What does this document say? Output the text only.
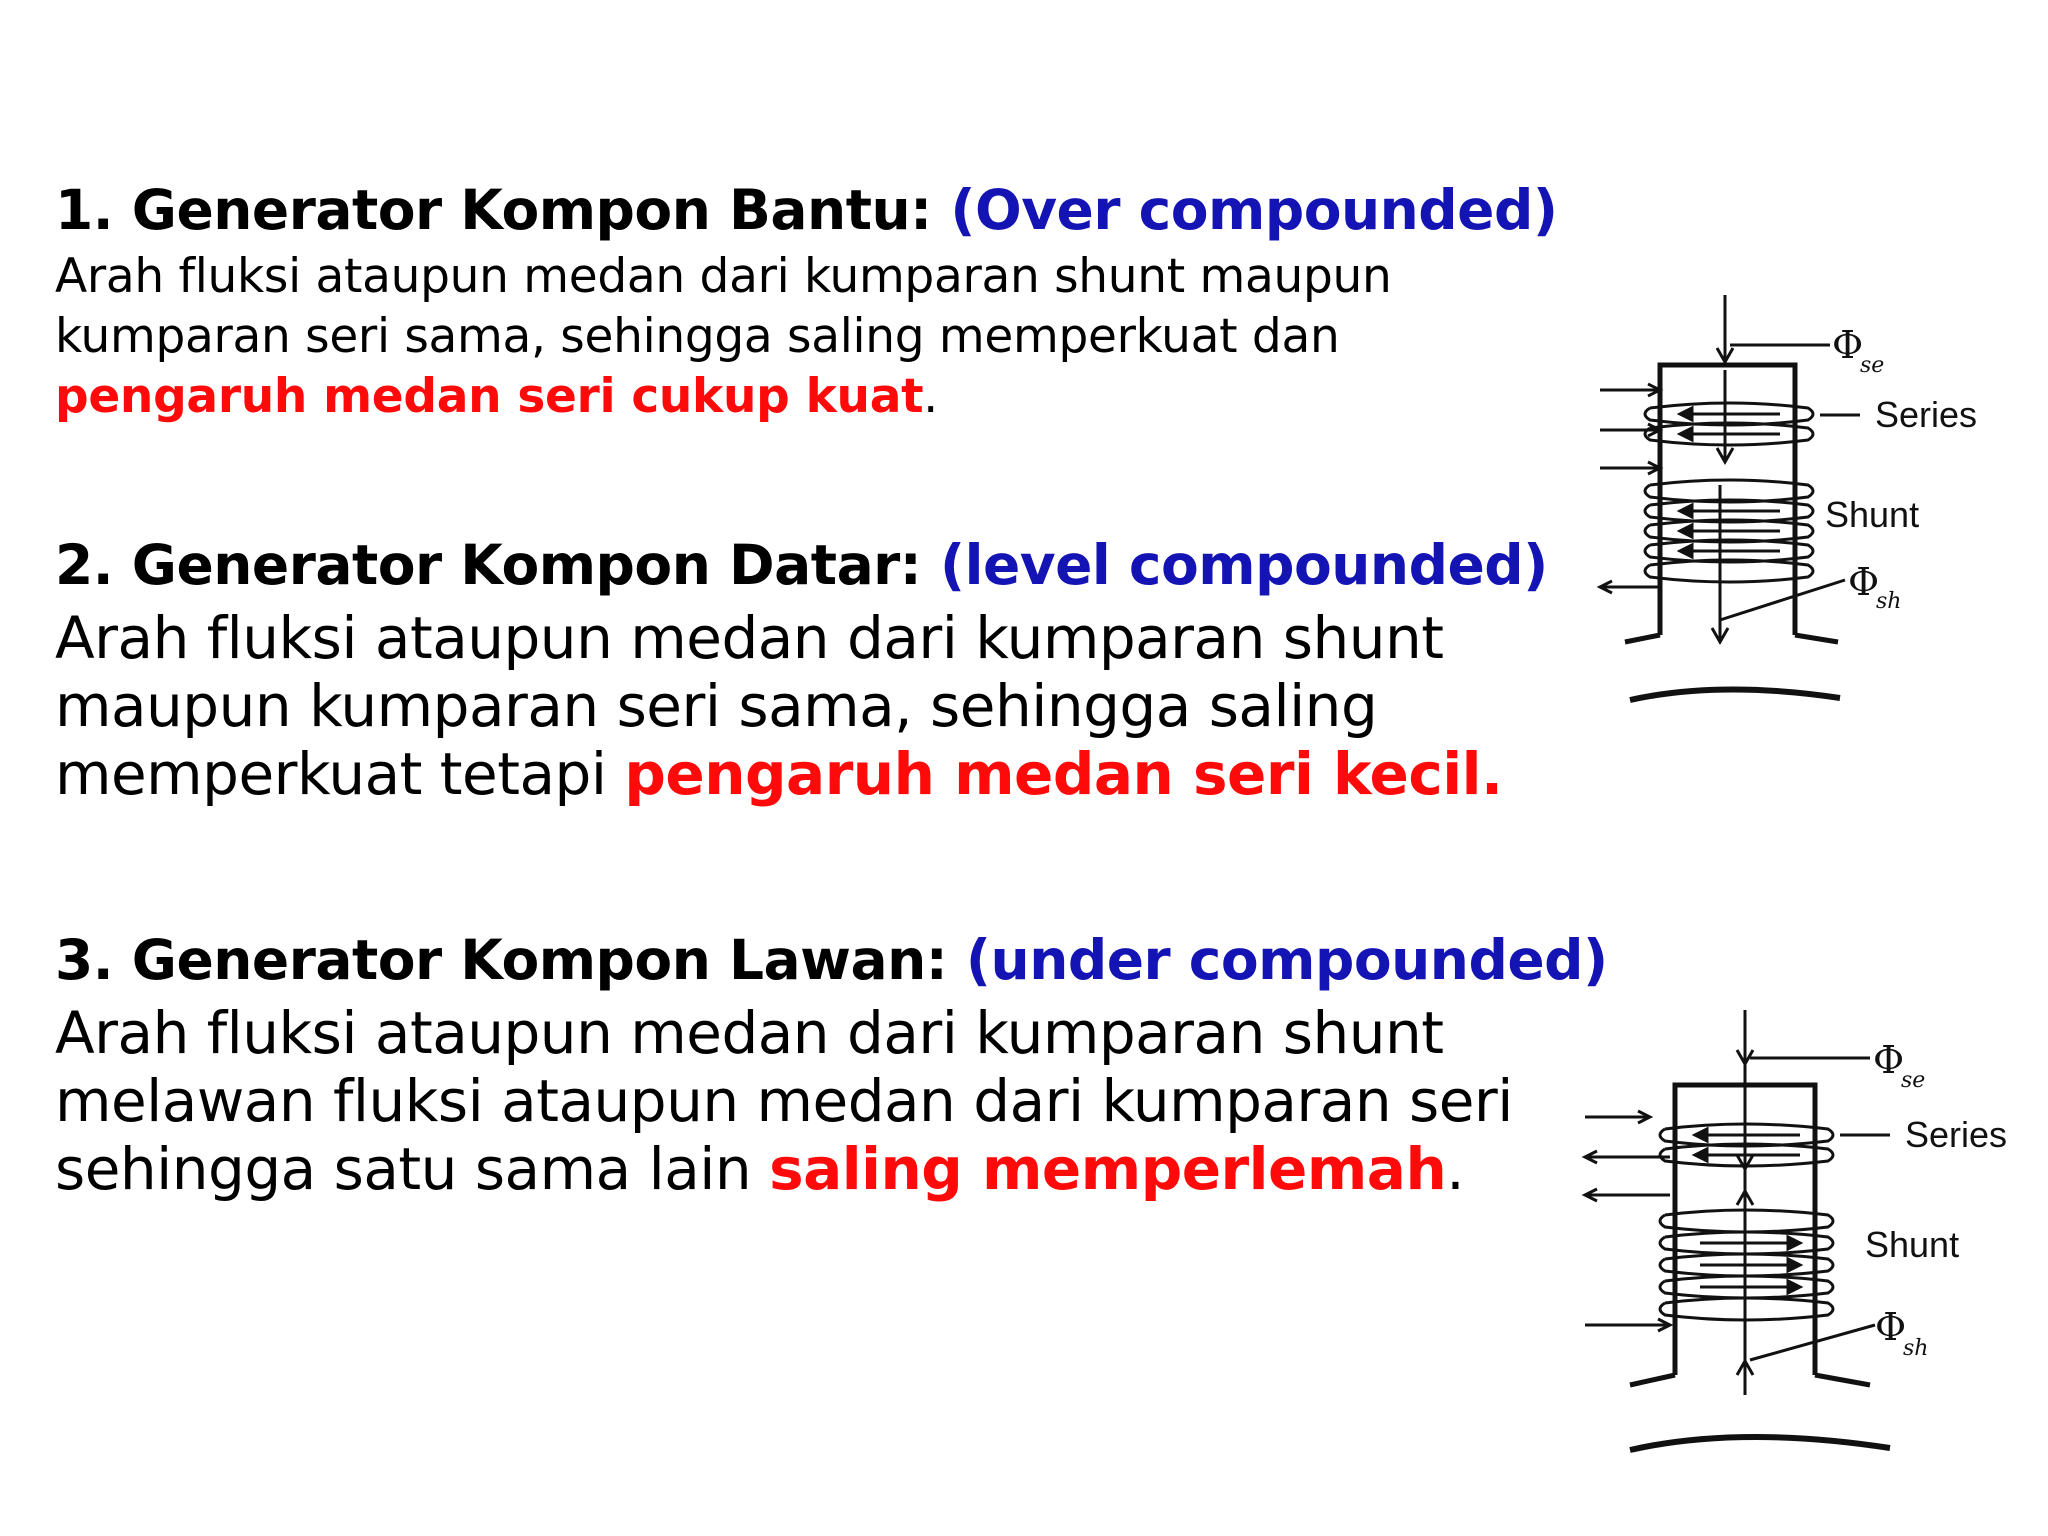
1. Generator Kompon Bantu: (Over compounded)
Arah fluksi ataupun medan dari kumparan shunt maupun
kumparan seri sama, sehingga saling memperkuat dan
pengaruh medan seri cukup kuat.
2. Generator Kompon Datar: (level compounded)
Arah fluksi ataupun medan dari kumparan shunt
maupun kumparan seri sama, sehingga saling
memperkuat tetapi pengaruh medan seri kecil.
3. Generator Kompon Lawan: (under compounded)
Arah fluksi ataupun medan dari kumparan shunt
melawan fluksi ataupun medan dari kumparan seri
sehingga satu sama lain saling memperlemah.
Φ
se
Series
Shunt
Φ
sh
Φ
se
Series
Shunt
Φ
sh
